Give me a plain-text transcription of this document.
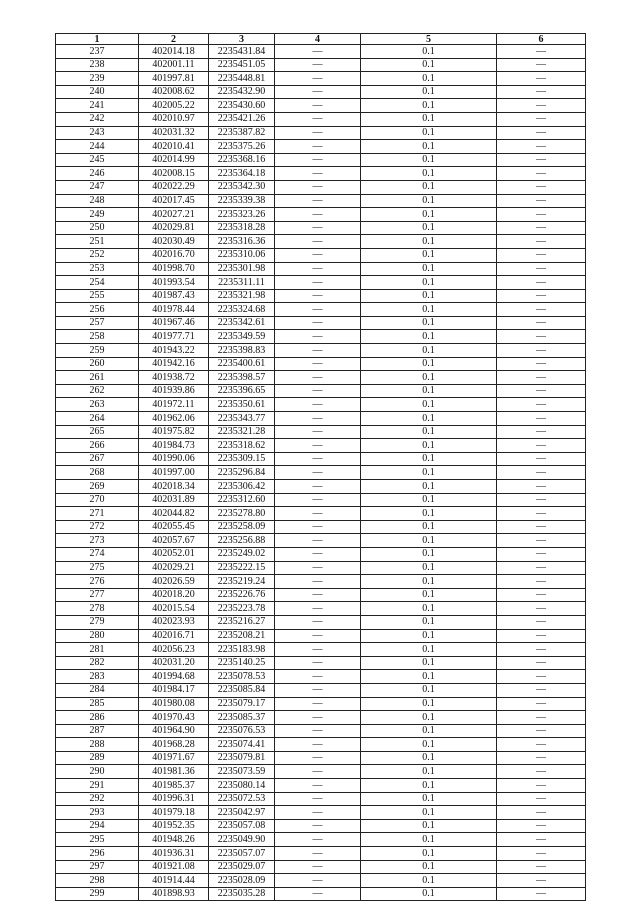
1	2	3	4	5	6
237	402014.18	2235431.84	—	0.1	—
238	402001.11	2235451.05	—	0.1	—
239	401997.81	2235448.81	—	0.1	—
240	402008.62	2235432.90	—	0.1	—
241	402005.22	2235430.60	—	0.1	—
242	402010.97	2235421.26	—	0.1	—
243	402031.32	2235387.82	—	0.1	—
244	402010.41	2235375.26	—	0.1	—
245	402014.99	2235368.16	—	0.1	—
246	402008.15	2235364.18	—	0.1	—
247	402022.29	2235342.30	—	0.1	—
248	402017.45	2235339.38	—	0.1	—
249	402027.21	2235323.26	—	0.1	—
250	402029.81	2235318.28	—	0.1	—
251	402030.49	2235316.36	—	0.1	—
252	402016.70	2235310.06	—	0.1	—
253	401998.70	2235301.98	—	0.1	—
254	401993.54	2235311.11	—	0.1	—
255	401987.43	2235321.98	—	0.1	—
256	401978.44	2235324.68	—	0.1	—
257	401967.46	2235342.61	—	0.1	—
258	401977.71	2235349.59	—	0.1	—
259	401943.22	2235398.83	—	0.1	—
260	401942.16	2235400.61	—	0.1	—
261	401938.72	2235398.57	—	0.1	—
262	401939.86	2235396.65	—	0.1	—
263	401972.11	2235350.61	—	0.1	—
264	401962.06	2235343.77	—	0.1	—
265	401975.82	2235321.28	—	0.1	—
266	401984.73	2235318.62	—	0.1	—
267	401990.06	2235309.15	—	0.1	—
268	401997.00	2235296.84	—	0.1	—
269	402018.34	2235306.42	—	0.1	—
270	402031.89	2235312.60	—	0.1	—
271	402044.82	2235278.80	—	0.1	—
272	402055.45	2235258.09	—	0.1	—
273	402057.67	2235256.88	—	0.1	—
274	402052.01	2235249.02	—	0.1	—
275	402029.21	2235222.15	—	0.1	—
276	402026.59	2235219.24	—	0.1	—
277	402018.20	2235226.76	—	0.1	—
278	402015.54	2235223.78	—	0.1	—
279	402023.93	2235216.27	—	0.1	—
280	402016.71	2235208.21	—	0.1	—
281	402056.23	2235183.98	—	0.1	—
282	402031.20	2235140.25	—	0.1	—
283	401994.68	2235078.53	—	0.1	—
284	401984.17	2235085.84	—	0.1	—
285	401980.08	2235079.17	—	0.1	—
286	401970.43	2235085.37	—	0.1	—
287	401964.90	2235076.53	—	0.1	—
288	401968.28	2235074.41	—	0.1	—
289	401971.67	2235079.81	—	0.1	—
290	401981.36	2235073.59	—	0.1	—
291	401985.37	2235080.14	—	0.1	—
292	401996.31	2235072.53	—	0.1	—
293	401979.18	2235042.97	—	0.1	—
294	401952.35	2235057.08	—	0.1	—
295	401948.26	2235049.90	—	0.1	—
296	401936.31	2235057.07	—	0.1	—
297	401921.08	2235029.07	—	0.1	—
298	401914.44	2235028.09	—	0.1	—
299	401898.93	2235035.28	—	0.1	—
